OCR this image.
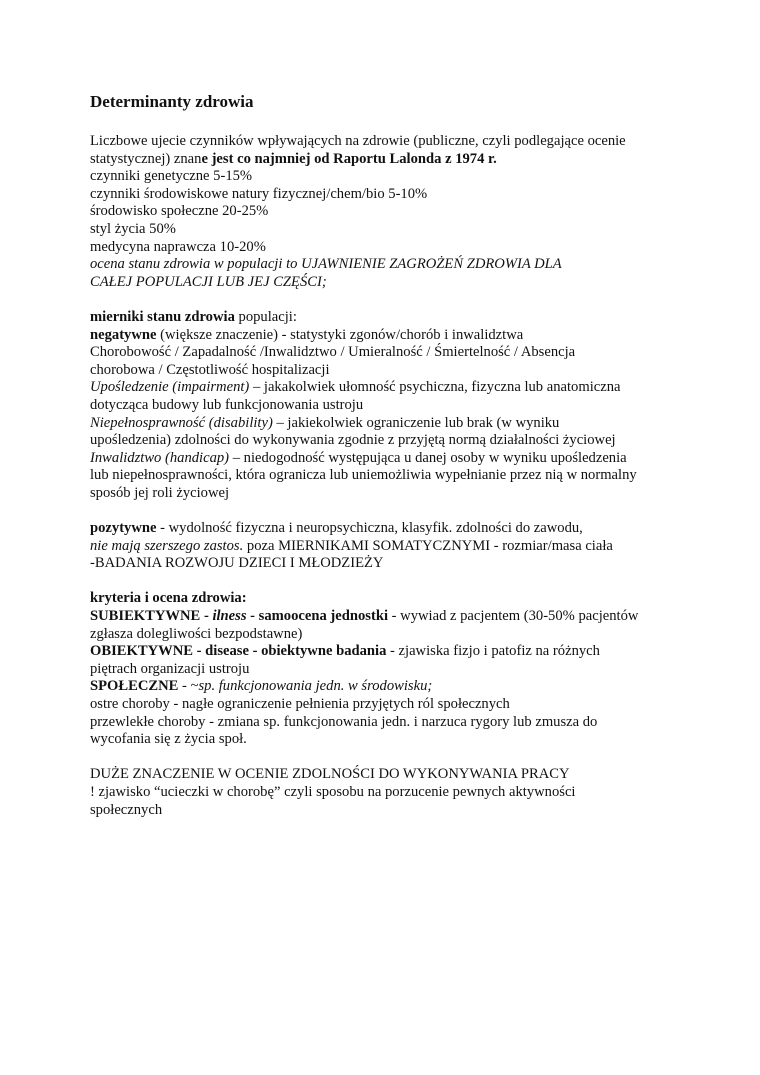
Determinanty zdrowia
Liczbowe ujecie czynników wpływających na zdrowie (publiczne, czyli podlegające ocenie
statystycznej) znane jest co najmniej od Raportu Lalonda z 1974 r.
czynniki genetyczne 5-15%
czynniki środowiskowe natury fizycznej/chem/bio 5-10%
środowisko społeczne 20-25%
styl życia 50%
medycyna naprawcza 10-20%
ocena stanu zdrowia w populacji to UJAWNIENIE ZAGROŻEŃ ZDROWIA DLA
CAŁEJ POPULACJI LUB JEJ CZĘŚCI;
mierniki stanu zdrowia populacji:
negatywne (większe znaczenie) - statystyki zgonów/chorób i inwalidztwa
Chorobowość / Zapadalność /Inwalidztwo / Umieralność / Śmiertelność / Absencja
chorobowa / Częstotliwość hospitalizacji
Upośledzenie (impairment) – jakakolwiek ułomność psychiczna, fizyczna lub anatomiczna
dotycząca budowy lub funkcjonowania ustroju
Niepełnosprawność (disability) – jakiekolwiek ograniczenie lub brak (w wyniku
upośledzenia) zdolności do wykonywania zgodnie z przyjętą normą działalności życiowej
Inwalidztwo (handicap) – niedogodność występująca u danej osoby w wyniku upośledzenia
lub niepełnosprawności, która ogranicza lub uniemożliwia wypełnianie przez nią w normalny
sposób jej roli życiowej
pozytywne - wydolność fizyczna i neuropsychiczna, klasyfik. zdolności do zawodu,
nie mają szerszego zastos. poza MIERNIKAMI SOMATYCZNYMI - rozmiar/masa ciała
-BADANIA ROZWOJU DZIECI I MŁODZIEŻY
kryteria i ocena zdrowia:
SUBIEKTYWNE - ilness - samoocena jednostki - wywiad z pacjentem (30-50% pacjentów
zgłasza dolegliwości bezpodstawne)
OBIEKTYWNE - disease - obiektywne badania - zjawiska fizjo i patofiz na różnych
piętrach organizacji ustroju
SPOŁECZNE - ~sp. funkcjonowania jedn. w środowisku;
ostre choroby - nagłe ograniczenie pełnienia przyjętych ról społecznych
przewlekłe choroby - zmiana sp. funkcjonowania jedn. i narzuca rygory lub zmusza do
wycofania się z życia społ.
DUŻE ZNACZENIE W OCENIE ZDOLNOŚCI DO WYKONYWANIA PRACY
! zjawisko “ucieczki w chorobę” czyli sposobu na porzucenie pewnych aktywności
społecznych
